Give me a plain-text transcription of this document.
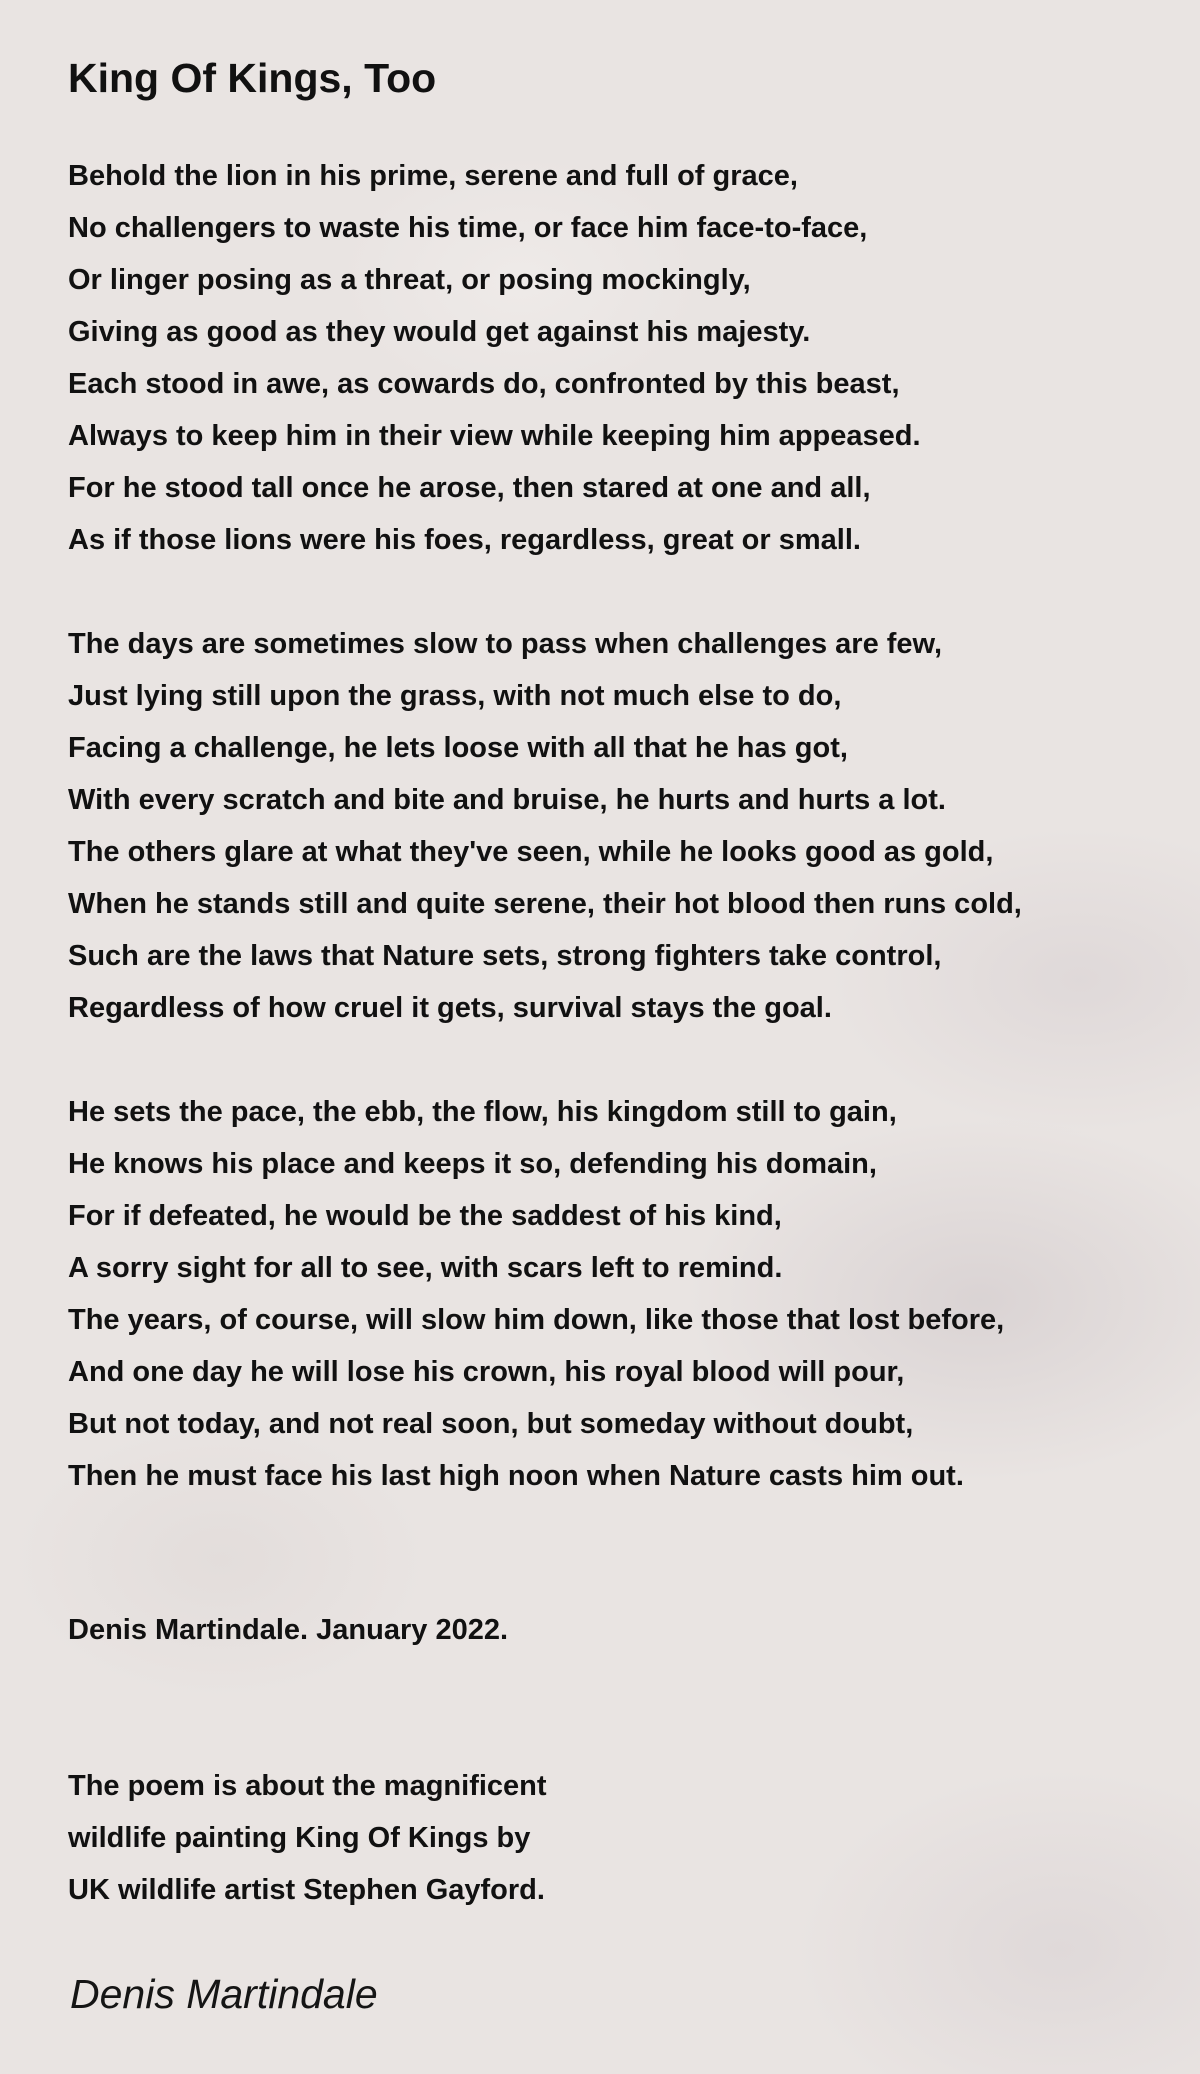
King Of Kings, Too
Behold the lion in his prime, serene and full of grace,
No challengers to waste his time, or face him face-to-face,
Or linger posing as a threat, or posing mockingly,
Giving as good as they would get against his majesty.
Each stood in awe, as cowards do, confronted by this beast,
Always to keep him in their view while keeping him appeased.
For he stood tall once he arose, then stared at one and all,
As if those lions were his foes, regardless, great or small.
The days are sometimes slow to pass when challenges are few,
Just lying still upon the grass, with not much else to do,
Facing a challenge, he lets loose with all that he has got,
With every scratch and bite and bruise, he hurts and hurts a lot.
The others glare at what they've seen, while he looks good as gold,
When he stands still and quite serene, their hot blood then runs cold,
Such are the laws that Nature sets, strong fighters take control,
Regardless of how cruel it gets, survival stays the goal.
He sets the pace, the ebb, the flow, his kingdom still to gain,
He knows his place and keeps it so, defending his domain,
For if defeated, he would be the saddest of his kind,
A sorry sight for all to see, with scars left to remind.
The years, of course, will slow him down, like those that lost before,
And one day he will lose his crown, his royal blood will pour,
But not today, and not real soon, but someday without doubt,
Then he must face his last high noon when Nature casts him out.
Denis Martindale. January 2022.
The poem is about the magnificent
wildlife painting King Of Kings by
UK wildlife artist Stephen Gayford.
Denis Martindale
